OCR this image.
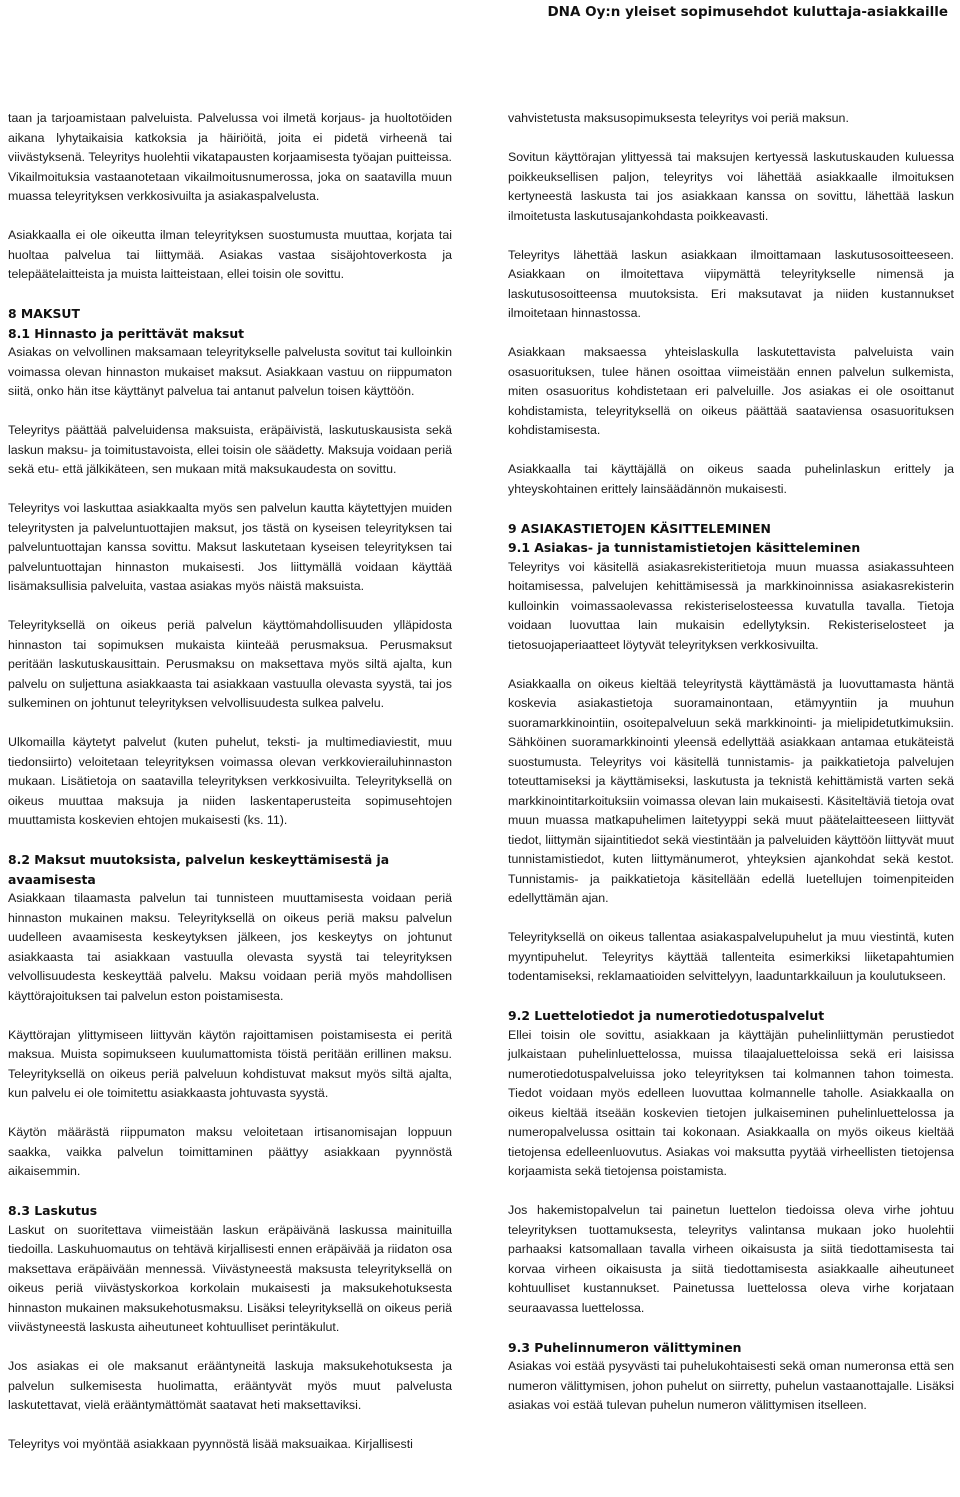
DNA Oy:n yleiset sopimusehdot kuluttaja-asiakkaille

taan ja tarjoamistaan palveluista. Palvelussa voi ilmetä korjaus- ja huoltotöiden aikana lyhytaikaisia katkoksia ja häiriöitä, joita ei pidetä virheenä tai viivästyksenä. Teleyritys huolehtii vikatapausten korjaamisesta työajan puitteissa. Vikailmoituksia vastaanotetaan vikailmoitusnumerossa, joka on saatavilla muun muassa teleyrityksen verkkosivuilta ja asiakaspalvelusta.

Asiakkaalla ei ole oikeutta ilman teleyrityksen suostumusta muuttaa, korjata tai huoltaa palvelua tai liittymää. Asiakas vastaa sisäjohtoverkosta ja telepäätelaitteista ja muista laitteistaan, ellei toisin ole sovittu.

8 MAKSUT
8.1 Hinnasto ja perittävät maksut

Asiakas on velvollinen maksamaan teleyritykselle palvelusta sovitut tai kulloinkin voimassa olevan hinnaston mukaiset maksut. Asiakkaan vastuu on riippumaton siitä, onko hän itse käyttänyt palvelua tai antanut palvelun toisen käyttöön.

Teleyritys päättää palveluidensa maksuista, eräpäivistä, laskutuskausista sekä laskun maksu- ja toimitustavoista, ellei toisin ole säädetty. Maksuja voidaan periä sekä etu- että jälkikäteen, sen mukaan mitä maksukaudesta on sovittu.

Teleyritys voi laskuttaa asiakkaalta myös sen palvelun kautta käytettyjen muiden teleyritysten ja palveluntuottajien maksut, jos tästä on kyseisen teleyrityksen tai palveluntuottajan kanssa sovittu. Maksut laskutetaan kyseisen teleyrityksen tai palveluntuottajan hinnaston mukaisesti. Jos liittymällä voidaan käyttää lisämaksullisia palveluita, vastaa asiakas myös näistä maksuista.

Teleyrityksellä on oikeus periä palvelun käyttömahdollisuuden ylläpidosta hinnaston tai sopimuksen mukaista kiinteää perusmaksua. Perusmaksut peritään laskutuskausittain. Perusmaksu on maksettava myös siltä ajalta, kun palvelu on suljettuna asiakkaasta tai asiakkaan vastuulla olevasta syystä, tai jos sulkeminen on johtunut teleyrityksen velvollisuudesta sulkea palvelu.

Ulkomailla käytetyt palvelut (kuten puhelut, teksti- ja multimediaviestit, muu tiedonsiirto) veloitetaan teleyrityksen voimassa olevan verkkovierailuhinnaston mukaan. Lisätietoja on saatavilla teleyrityksen verkkosivuilta. Teleyrityksellä on oikeus muuttaa maksuja ja niiden laskentaperusteita sopimusehtojen muuttamista koskevien ehtojen mukaisesti (ks. 11).

8.2 Maksut muutoksista, palvelun keskeyttämisestä ja avaamisesta

Asiakkaan tilaamasta palvelun tai tunnisteen muuttamisesta voidaan periä hinnaston mukainen maksu. Teleyrityksellä on oikeus periä maksu palvelun uudelleen avaamisesta keskeytyksen jälkeen, jos keskeytys on johtunut asiakkaasta tai asiakkaan vastuulla olevasta syystä tai teleyrityksen velvollisuudesta keskeyttää palvelu. Maksu voidaan periä myös mahdollisen käyttörajoituksen tai palvelun eston poistamisesta.

Käyttörajan ylittymiseen liittyvän käytön rajoittamisen poistamisesta ei peritä maksua. Muista sopimukseen kuulumattomista töistä peritään erillinen maksu. Teleyrityksellä on oikeus periä palveluun kohdistuvat maksut myös siltä ajalta, kun palvelu ei ole toimitettu asiakkaasta johtuvasta syystä.

Käytön määrästä riippumaton maksu veloitetaan irtisanomisajan loppuun saakka, vaikka palvelun toimittaminen päättyy asiakkaan pyynnöstä aikaisemmin.

8.3 Laskutus

Laskut on suoritettava viimeistään laskun eräpäivänä laskussa mainituilla tiedoilla. Laskuhuomautus on tehtävä kirjallisesti ennen eräpäivää ja riidaton osa maksettava eräpäivään mennessä. Viivästyneestä maksusta teleyrityksellä on oikeus periä viivästyskorkoa korkolain mukaisesti ja maksukehotuksesta hinnaston mukainen maksukehotusmaksu. Lisäksi teleyrityksellä on oikeus periä viivästyneestä laskusta aiheutuneet kohtuulliset perintäkulut.

Jos asiakas ei ole maksanut erääntyneitä laskuja maksukehotuksesta ja palvelun sulkemisesta huolimatta, erääntyvät myös muut palvelusta laskutettavat, vielä erääntymättömät saatavat heti maksettaviksi.

Teleyritys voi myöntää asiakkaan pyynnöstä lisää maksuaikaa. Kirjallisesti

vahvistetusta maksusopimuksesta teleyritys voi periä maksun.

Sovitun käyttörajan ylittyessä tai maksujen kertyessä laskutuskauden kuluessa poikkeuksellisen paljon, teleyritys voi lähettää asiakkaalle ilmoituksen kertyneestä laskusta tai jos asiakkaan kanssa on sovittu, lähettää laskun ilmoitetusta laskutusajankohdasta poikkeavasti.

Teleyritys lähettää laskun asiakkaan ilmoittamaan laskutusosoitteeseen. Asiakkaan on ilmoitettava viipymättä teleyritykselle nimensä ja laskutusosoitteensa muutoksista. Eri maksutavat ja niiden kustannukset ilmoitetaan hinnastossa.

Asiakkaan maksaessa yhteislaskulla laskutettavista palveluista vain osasuorituksen, tulee hänen osoittaa viimeistään ennen palvelun sulkemista, miten osasuoritus kohdistetaan eri palveluille. Jos asiakas ei ole osoittanut kohdistamista, teleyrityksellä on oikeus päättää saataviensa osasuorituksen kohdistamisesta.

Asiakkaalla tai käyttäjällä on oikeus saada puhelinlaskun erittely ja yhteyskohtainen erittely lainsäädännön mukaisesti.

9 ASIAKASTIETOJEN KÄSITTELEMINEN
9.1 Asiakas- ja tunnistamistietojen käsitteleminen

Teleyritys voi käsitellä asiakasrekisteritietoja muun muassa asiakassuhteen hoitamisessa, palvelujen kehittämisessä ja markkinoinnissa asiakasrekisterin kulloinkin voimassaolevassa rekisteriselosteessa kuvatulla tavalla. Tietoja voidaan luovuttaa lain mukaisin edellytyksin. Rekisteriselosteet ja tietosuojaperiaatteet löytyvät teleyrityksen verkkosivuilta.

Asiakkaalla on oikeus kieltää teleyritystä käyttämästä ja luovuttamasta häntä koskevia asiakastietoja suoramainontaan, etämyyntiin ja muuhun suoramarkkinointiin, osoitepalveluun sekä markkinointi- ja mielipidetutkimuksiin. Sähköinen suoramarkkinointi yleensä edellyttää asiakkaan antamaa etukäteistä suostumusta. Teleyritys voi käsitellä tunnistamis- ja paikkatietoja palvelujen toteuttamiseksi ja käyttämiseksi, laskutusta ja teknistä kehittämistä varten sekä markkinointitarkoituksiin voimassa olevan lain mukaisesti. Käsiteltäviä tietoja ovat muun muassa matkapuhelimen laitetyyppi sekä muut päätelaitteeseen liittyvät tiedot, liittymän sijaintitiedot sekä viestintään ja palveluiden käyttöön liittyvät muut tunnistamistiedot, kuten liittymänumerot, yhteyksien ajankohdat sekä kestot. Tunnistamis- ja paikkatietoja käsitellään edellä luetellujen toimenpiteiden edellyttämän ajan.

Teleyrityksellä on oikeus tallentaa asiakaspalvelupuhelut ja muu viestintä, kuten myyntipuhelut. Teleyritys käyttää tallenteita esimerkiksi liiketapahtumien todentamiseksi, reklamaatioiden selvittelyyn, laaduntarkkailuun ja koulutukseen.

9.2 Luettelotiedot ja numerotiedotuspalvelut

Ellei toisin ole sovittu, asiakkaan ja käyttäjän puhelinliittymän perustiedot julkaistaan puhelinluettelossa, muissa tilaajaluetteloissa sekä eri laisissa numerotiedotuspalveluissa joko teleyrityksen tai kolmannen tahon toimesta. Tiedot voidaan myös edelleen luovuttaa kolmannelle taholle. Asiakkaalla on oikeus kieltää itseään koskevien tietojen julkaiseminen puhelinluettelossa ja numeropalvelussa osittain tai kokonaan. Asiakkaalla on myös oikeus kieltää tietojensa edelleenluovutus. Asiakas voi maksutta pyytää virheellisten tietojensa korjaamista sekä tietojensa poistamista.

Jos hakemistopalvelun tai painetun luettelon tiedoissa oleva virhe johtuu teleyrityksen tuottamuksesta, teleyritys valintansa mukaan joko huolehtii parhaaksi katsomallaan tavalla virheen oikaisusta ja siitä tiedottamisesta tai korvaa virheen oikaisusta ja siitä tiedottamisesta asiakkaalle aiheutuneet kohtuulliset kustannukset. Painetussa luettelossa oleva virhe korjataan seuraavassa luettelossa.

9.3 Puhelinnumeron välittyminen

Asiakas voi estää pysyvästi tai puhelukohtaisesti sekä oman numeronsa että sen numeron välittymisen, johon puhelut on siirretty, puhelun vastaanottajalle. Lisäksi asiakas voi estää tulevan puhelun numeron välittymisen itselleen.
